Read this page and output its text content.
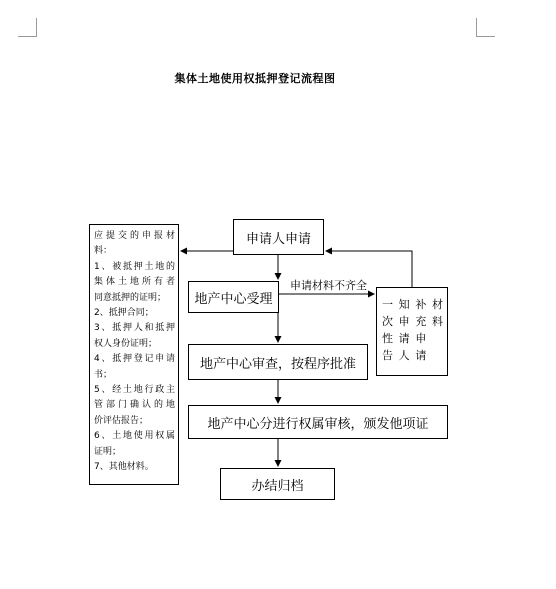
集体土地使用权抵押登记流程图
申请人申请
地产中心受理
地产中心审查，按程序批准
地产中心分进行权属审核，颁发他项证
办结归档
一次性告
知申请人
补充申请
材料
申请材料不齐全
应提交的申报材
料：
1、被抵押土地的
集体土地所有者
同意抵押的证明；
2、抵押合同；
3、抵押人和抵押
权人身份证明；
4、抵押登记申请
书；
5、经土地行政主
管部门确认的地
价评估报告；
6、土地使用权属
证明；
7、其他材料。
